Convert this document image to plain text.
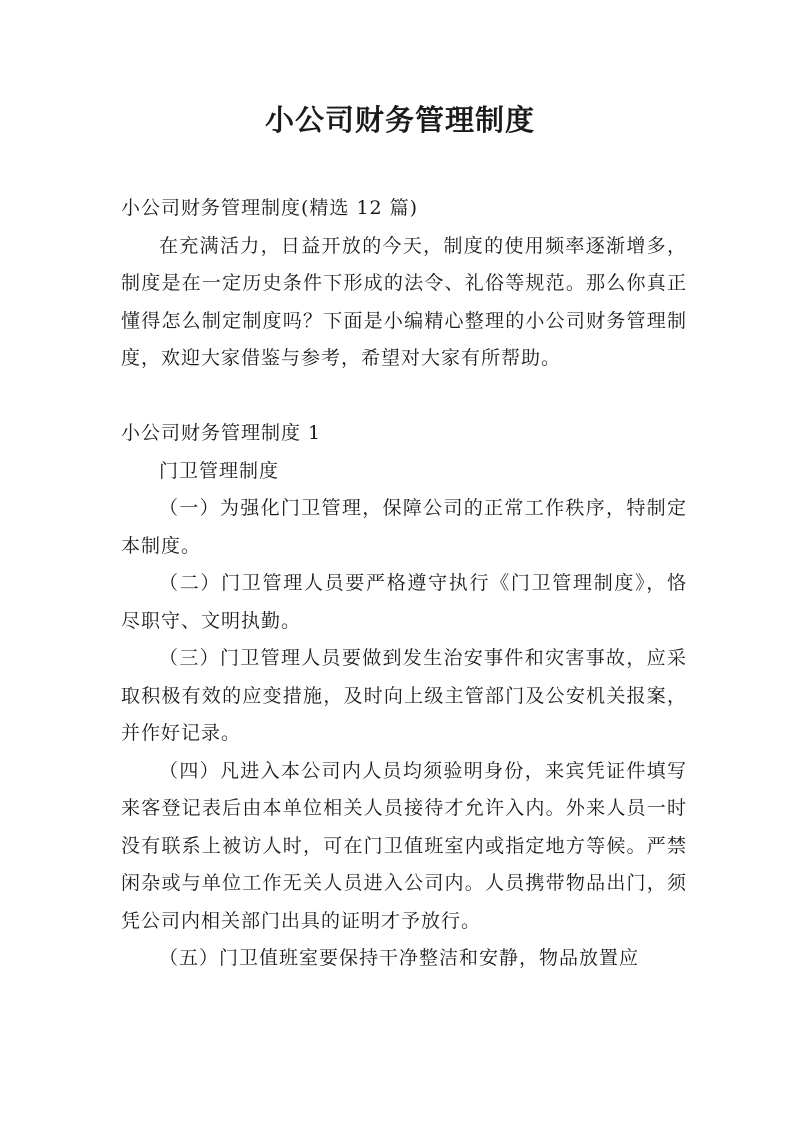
小公司财务管理制度

小公司财务管理制度(精选 12 篇)

在充满活力，日益开放的今天，制度的使用频率逐渐增多，制度是在一定历史条件下形成的法令、礼俗等规范。那么你真正懂得怎么制定制度吗？下面是小编精心整理的小公司财务管理制度，欢迎大家借鉴与参考，希望对大家有所帮助。

小公司财务管理制度 1

门卫管理制度

（一）为强化门卫管理，保障公司的正常工作秩序，特制定本制度。

（二）门卫管理人员要严格遵守执行《门卫管理制度》，恪尽职守、文明执勤。

（三）门卫管理人员要做到发生治安事件和灾害事故，应采取积极有效的应变措施，及时向上级主管部门及公安机关报案，并作好记录。

（四）凡进入本公司内人员均须验明身份，来宾凭证件填写来客登记表后由本单位相关人员接待才允许入内。外来人员一时没有联系上被访人时，可在门卫值班室内或指定地方等候。严禁闲杂或与单位工作无关人员进入公司内。人员携带物品出门，须凭公司内相关部门出具的证明才予放行。

（五）门卫值班室要保持干净整洁和安静，物品放置应
